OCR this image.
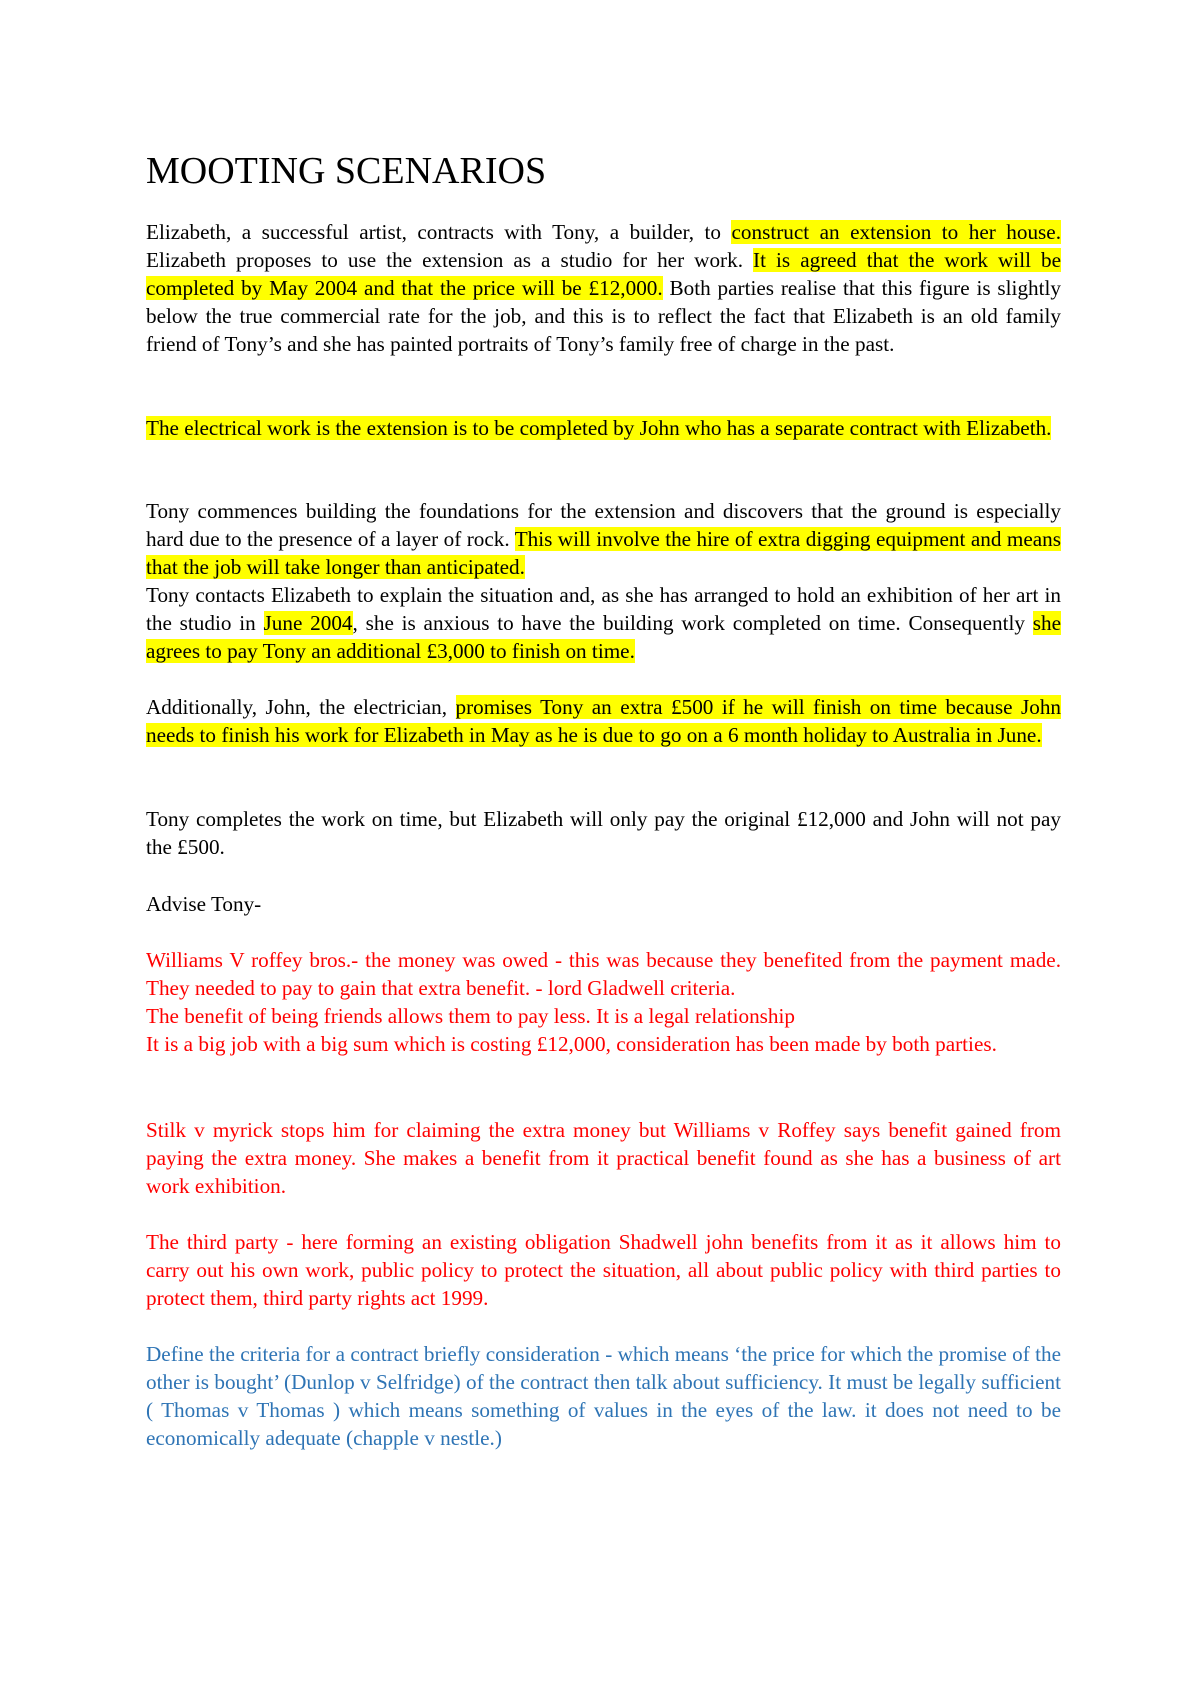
MOOTING SCENARIOS

Elizabeth, a successful artist, contracts with Tony, a builder, to construct an extension to her house. Elizabeth proposes to use the extension as a studio for her work. It is agreed that the work will be completed by May 2004 and that the price will be £12,000. Both parties realise that this figure is slightly below the true commercial rate for the job, and this is to reflect the fact that Elizabeth is an old family friend of Tony’s and she has painted portraits of Tony’s family free of charge in the past.

The electrical work is the extension is to be completed by John who has a separate contract with Elizabeth.

Tony commences building the foundations for the extension and discovers that the ground is especially hard due to the presence of a layer of rock. This will involve the hire of extra digging equipment and means that the job will take longer than anticipated.
Tony contacts Elizabeth to explain the situation and, as she has arranged to hold an exhibition of her art in the studio in June 2004, she is anxious to have the building work completed on time. Consequently she agrees to pay Tony an additional £3,000 to finish on time.

Additionally, John, the electrician, promises Tony an extra £500 if he will finish on time because John needs to finish his work for Elizabeth in May as he is due to go on a 6 month holiday to Australia in June.

Tony completes the work on time, but Elizabeth will only pay the original £12,000 and John will not pay the £500.

Advise Tony-

Williams V roffey bros.- the money was owed - this was because they benefited from the payment made. They needed to pay to gain that extra benefit. - lord Gladwell criteria.
The benefit of being friends allows them to pay less. It is a legal relationship
It is a big job with a big sum which is costing £12,000, consideration has been made by both parties.

Stilk v myrick stops him for claiming the extra money but Williams v Roffey says benefit gained from paying the extra money. She makes a benefit from it practical benefit found as she has a business of art work exhibition.

The third party - here forming an existing obligation Shadwell john benefits from it as it allows him to carry out his own work, public policy to protect the situation, all about public policy with third parties to protect them, third party rights act 1999.

Define the criteria for a contract briefly consideration - which means ‘the price for which the promise of the other is bought’ (Dunlop v Selfridge) of the contract then talk about sufficiency. It must be legally sufficient ( Thomas v Thomas ) which means something of values in the eyes of the law. it does not need to be economically adequate (chapple v nestle.)
